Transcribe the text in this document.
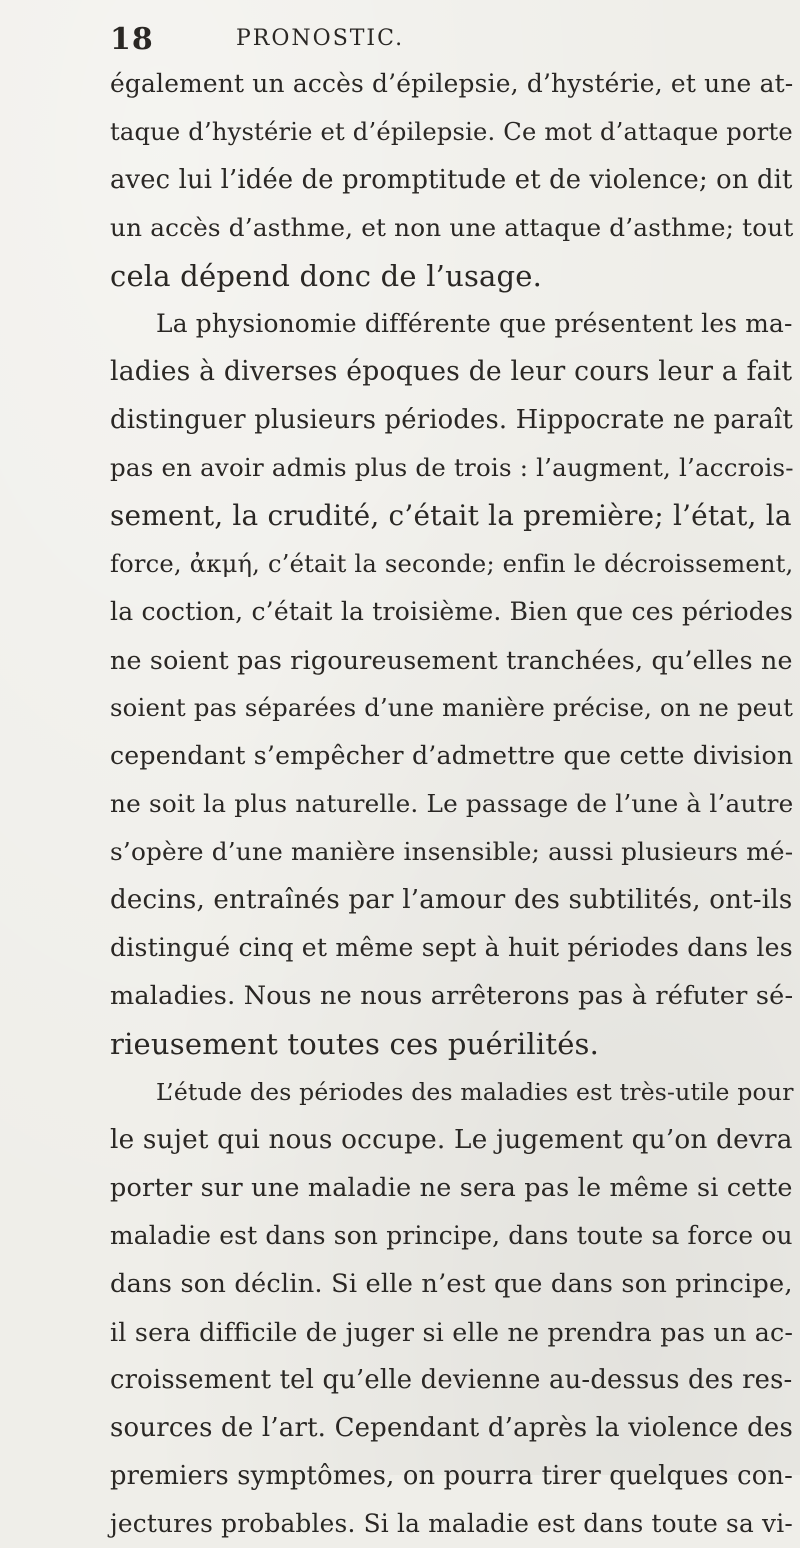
18	PRONOSTIC.
également un accès d’épilepsie, d’hystérie, et une at-
taque d’hystérie et d’épilepsie. Ce mot d’attaque porte
avec lui l’idée de promptitude et de violence; on dit
un accès d’asthme, et non une attaque d’asthme; tout
cela dépend donc de l’usage.
La physionomie différente que présentent les ma-
ladies à diverses époques de leur cours leur a fait
distinguer plusieurs périodes. Hippocrate ne paraît
pas en avoir admis plus de trois : l’augment, l’accrois-
sement, la crudité, c’était la première; l’état, la
force, ἀκμή, c’était la seconde; enfin le décroissement,
la coction, c’était la troisième. Bien que ces périodes
ne soient pas rigoureusement tranchées, qu’elles ne
soient pas séparées d’une manière précise, on ne peut
cependant s’empêcher d’admettre que cette division
ne soit la plus naturelle. Le passage de l’une à l’autre
s’opère d’une manière insensible; aussi plusieurs mé-
decins, entraînés par l’amour des subtilités, ont-ils
distingué cinq et même sept à huit périodes dans les
maladies. Nous ne nous arrêterons pas à réfuter sé-
rieusement toutes ces puérilités.
L’étude des périodes des maladies est très-utile pour
le sujet qui nous occupe. Le jugement qu’on devra
porter sur une maladie ne sera pas le même si cette
maladie est dans son principe, dans toute sa force ou
dans son déclin. Si elle n’est que dans son principe,
il sera difficile de juger si elle ne prendra pas un ac-
croissement tel qu’elle devienne au-dessus des res-
sources de l’art. Cependant d’après la violence des
premiers symptômes, on pourra tirer quelques con-
jectures probables. Si la maladie est dans toute sa vi-
